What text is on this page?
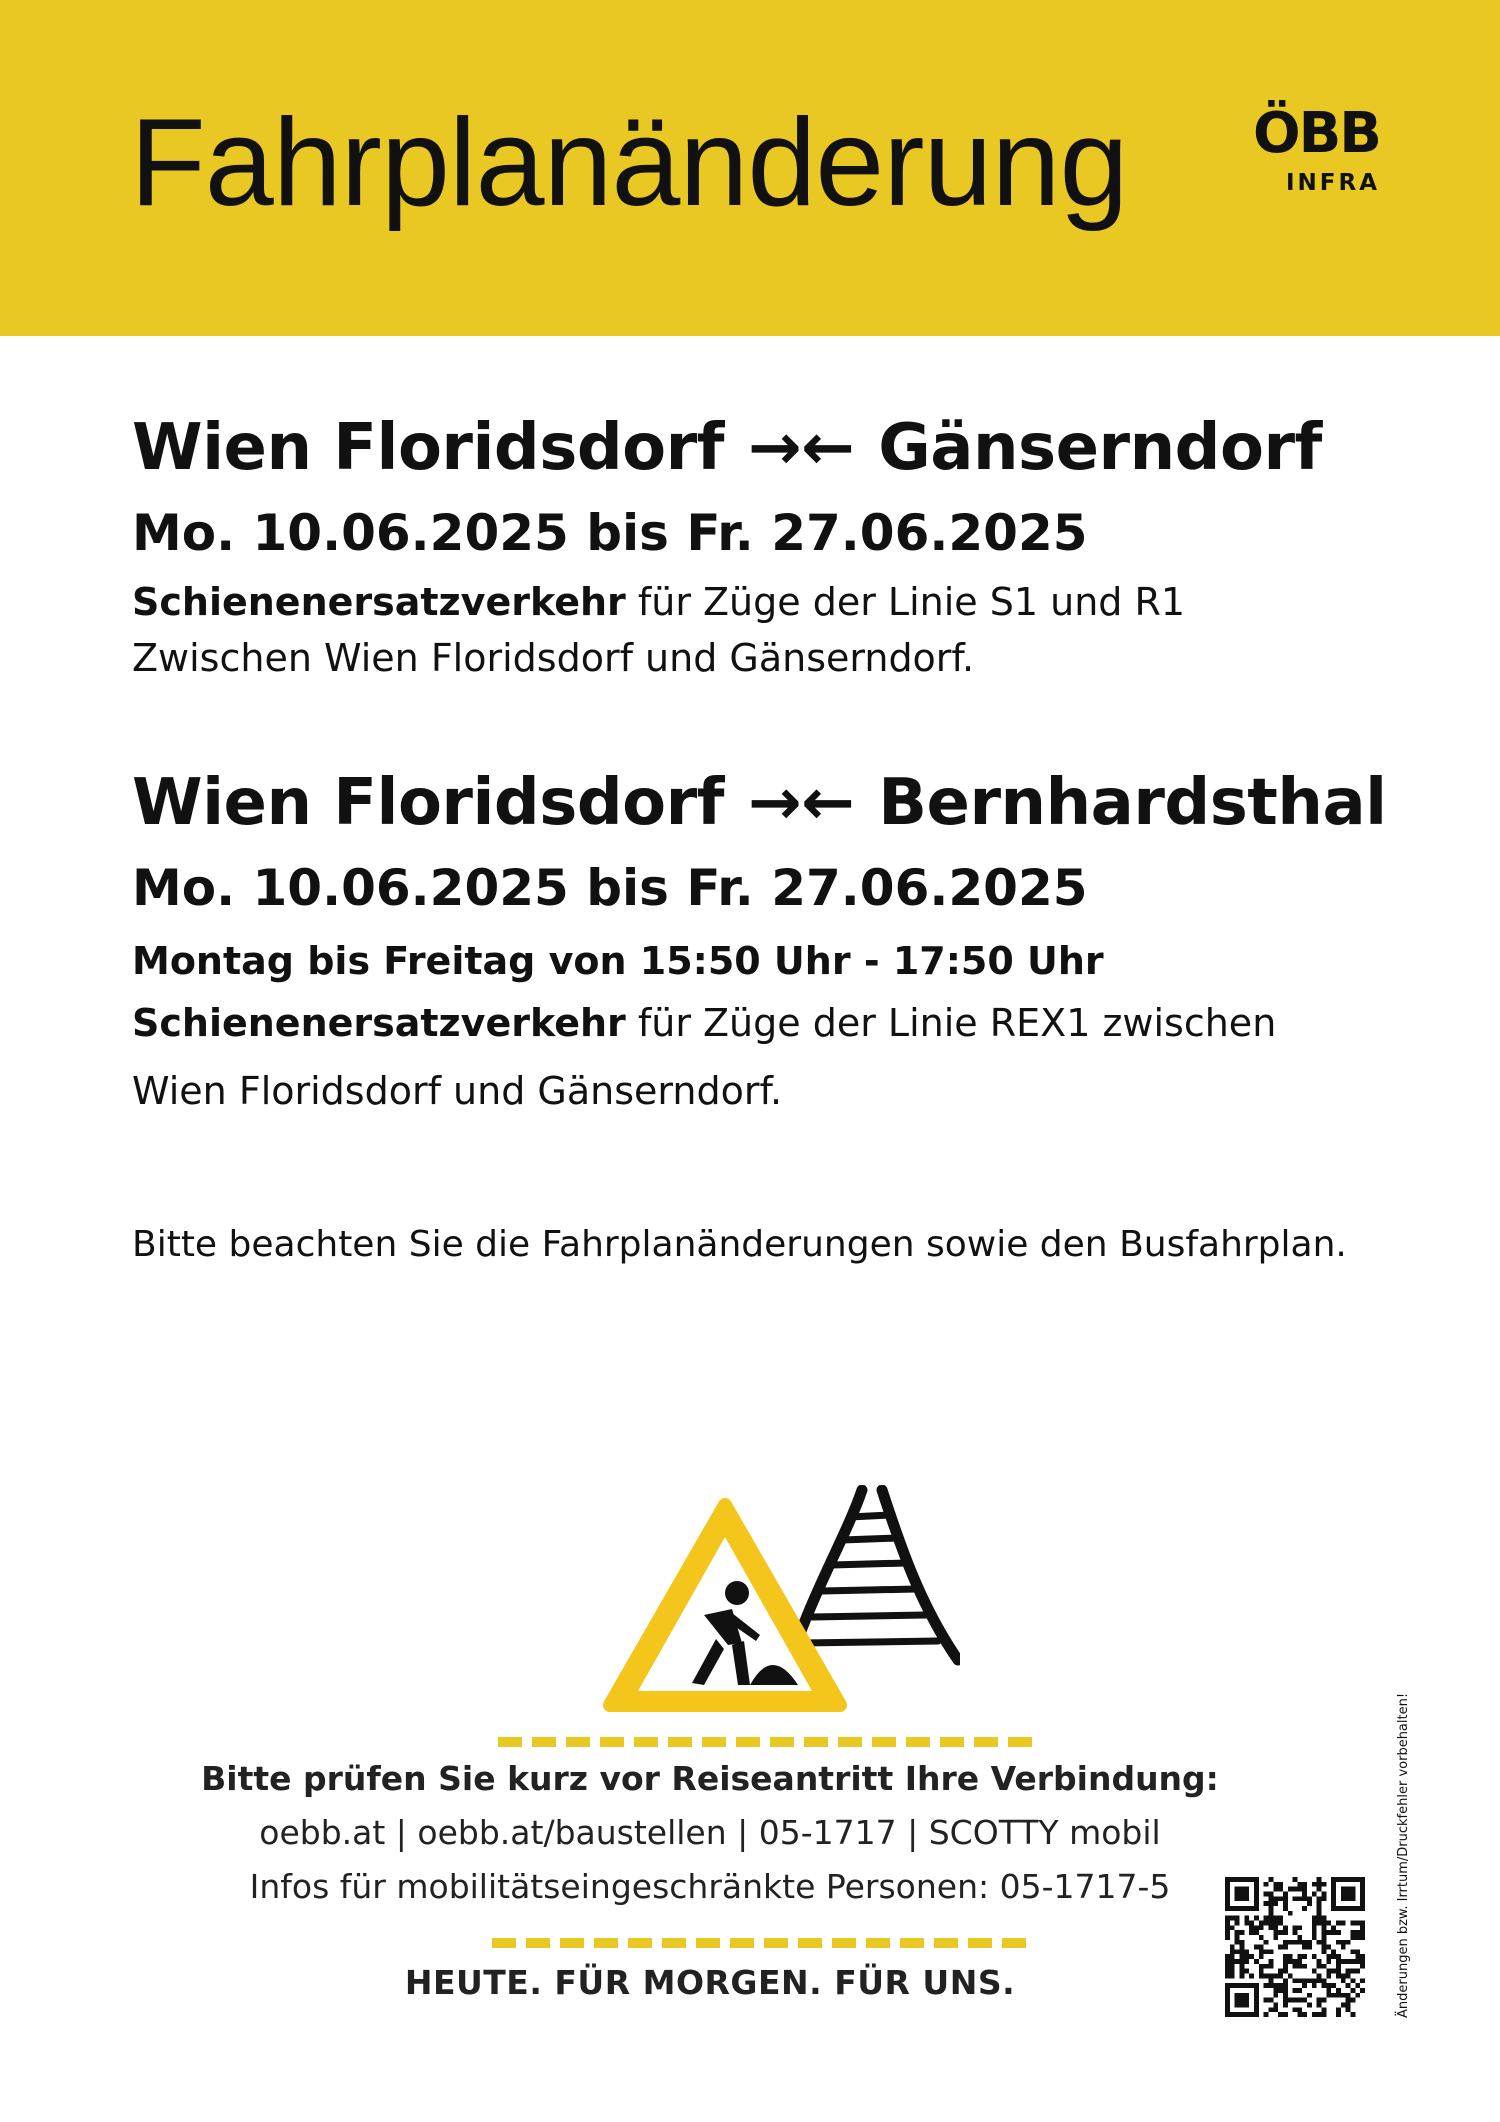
Fahrplanänderung ÖBB
INFRA
Wien Floridsdorf →← Gänserndorf
Mo. 10.06.2025 bis Fr. 27.06.2025
Schienenersatzverkehr für Züge der Linie S1 und R1
Zwischen Wien Floridsdorf und Gänserndorf.
Wien Floridsdorf →← Bernhardsthal
Mo. 10.06.2025 bis Fr. 27.06.2025
Montag bis Freitag von 15:50 Uhr - 17:50 Uhr
Schienenersatzverkehr für Züge der Linie REX1 zwischen
Wien Floridsdorf und Gänserndorf.
Bitte beachten Sie die Fahrplanänderungen sowie den Busfahrplan.
Bitte prüfen Sie kurz vor Reiseantritt Ihre Verbindung:
oebb.at | oebb.at/baustellen | 05-1717 | SCOTTY mobil
Infos für mobilitätseingeschränkte Personen: 05-1717-5
HEUTE. FÜR MORGEN. FÜR UNS.	Änderungen bzw. Irrtum/Druckfehler vorbehalten!
